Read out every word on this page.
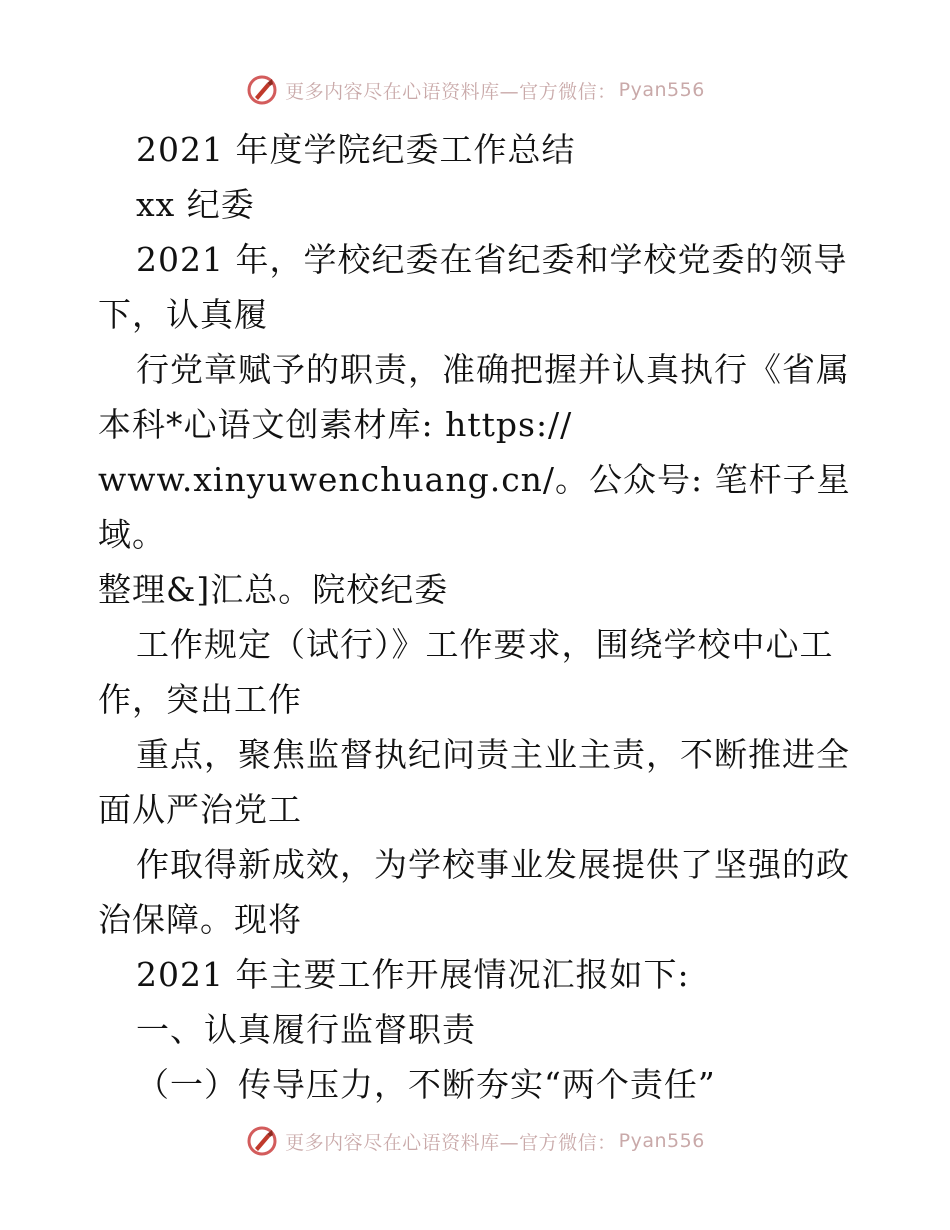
更多内容尽在心语资料库—官方微信： Pyan556

2021 年度学院纪委工作总结

xx 纪委

2021 年，学校纪委在省纪委和学校党委的领导

下，认真履

行党章赋予的职责，准确把握并认真执行《省属

本科*心语文创素材库: https://

www.xinyuwenchuang.cn/。公众号: 笔杆子星域。

整理&]汇总。院校纪委

工作规定（试行）》工作要求，围绕学校中心工

作，突出工作

重点，聚焦监督执纪问责主业主责，不断推进全

面从严治党工

作取得新成效，为学校事业发展提供了坚强的政

治保障。现将

2021 年主要工作开展情况汇报如下:

一、认真履行监督职责

（一）传导压力，不断夯实“两个责任”

更多内容尽在心语资料库—官方微信： Pyan556
